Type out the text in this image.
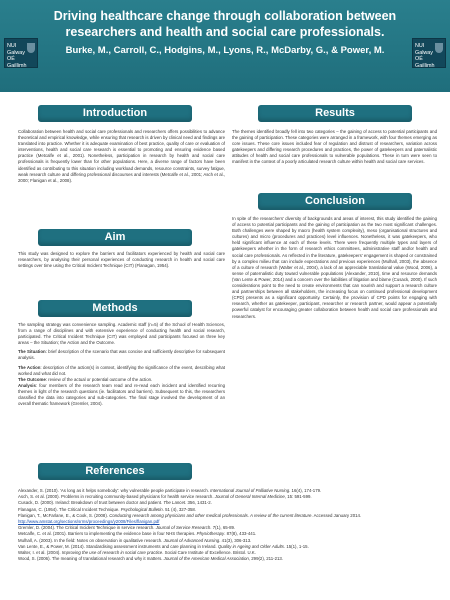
NUI Galway
OÉ Gaillimh
Driving healthcare change through collaboration between researchers and health and social care professionals.
Burke, M., Carroll, C., Hodgins, M., Lyons, R., McDarby, G., & Power, M.	NUI Galway
OÉ Gaillimh
Introduction

Collaboration between health and social care professionals and researchers offers possibilities to advance theoretical and empirical knowledge, while ensuring that research is driven by clinical need and findings are translated into practice. Whether it is adequate examination of best practice, quality of care or evaluation of interventions, health and social care research is essential to promoting and ensuring evidence based practice (Metcalfe et al., 2001). Nonetheless, participation in research by health and social care professionals is frequently lower than for other populations. Here, a diverse range of factors have been identified as contributing to this situation including workload demands, resource constraints, survey fatigue, weak research culture and differing professional discourses and interests (Metcalfe et al., 2001; Asch et al., 2000; Flanigan et al., 2008).

Aim

This study was designed to explore the barriers and facilitators experienced by health and social care researchers, by analysing their personal experiences of conducting research in health and social care settings over time using the Critical Incident Technique (CIT) (Flanagan, 1954).

Methods

The sampling strategy was convenience sampling. Academic staff (n=5) of the School of Health Sciences, from a range of disciplines and with extensive experience of conducting health and social research, participated. The Critical Incident Technique (CIT) was employed and participants focused on three key areas – the Situation; the Action and the Outcome.

The Situation: brief description of the scenario that was concise and sufficiently descriptive for subsequent analysis.

The Action: description of the action(s) in context, identifying the significance of the event, describing what worked and what did not.

The Outcome: review of the actual or potential outcome of the action.

Analysis: four members of the research team read and re-read each incident and identified recurring themes in light of the research questions (ie. facilitators and barriers). Subsequent to this, the researchers classified the data into categories and sub-categories. The final stage involved the development of an overall thematic framework (Gremler, 2004).

Results

The themes identified broadly fell into two categories – the gaining of access to potential participants and the gaining of participation. These categories were arranged in a framework, with four themes emerging as core issues. These core issues included fear of regulation and distrust of researchers, variation across gatekeepers and differing research procedures and practices, the power of gatekeepers and paternalistic attitudes of health and social care professionals to vulnerable populations. These in turn were seen to manifest in the context of a poorly articulated research culture within health and social care services.

Conclusion

In spite of the researchers' diversity of backgrounds and areas of interest, this study identified the gaining of access to potential participants and the gaining of participation as the two most significant challenges. Both challenges were shaped by macro (health system complexity), meso (organisational structures and cultures) and micro (procedures and practices) level influences. Nonetheless, it was gatekeepers, who held significant influence at each of these levels. There were frequently multiple types and layers of gatekeepers whether in the form of research ethics committees, administrative staff and/or health and social care professionals. As reflected in the literature, gatekeepers' engagement is shaped or constrained by a complex milieu that can include expectations and previous experiences (Mulhall, 2003), the absence of a culture of research (Walter et al., 2004), a lack of an appreciable translational value (Wood, 2006), a sense of paternalistic duty toward vulnerable populations (Alexander, 2010), time and resource demands (Van Lente & Power, 2014) and a concern over the liabilities of litigation and blame (Cusack, 2000). If such considerations point to the need to create environments that can nourish and support a research culture and partnerships between all stakeholders, the increasing focus on continued professional development (CPD) presents as a significant opportunity. Certainly, the provision of CPD points for engaging with research, whether as gatekeeper, participant, researcher or research partner, would appear a potentially powerful catalyst for encouraging greater collaboration between health and social care professionals and researchers.

References
Alexander, S. (2010). 'As long as it helps somebody': why vulnerable people participate in research. International Journal of Palliative Nursing. 16(4), 174-179.
Asch, S. et al. (2000). Problems in recruiting community-based physicians for health service research. Journal of General Internal Medicine, 15: 591-599.
Cusack, D. (2000). Ireland: Breakdown of trust between doctor and patient. The Lancet. 356, 1431-2.
Flanagan, C. (1954). The Critical Incident Technique. Psychological Bulletin. 51 (4), 327-358.
Flanigan, T., McFarlane, E., & Cook, S. (2008). Conducting research among physicians and other medical professionals. A review of the current literature. Accessed January 2014. http://www.amstat.org/sections/srms/proceedings/y2008/Files/flanigan.pdf
Gremler, D. (2004). The Critical Incident Technique in service research. Journal of Service Research. 7(1), 65-89.
Metcalfe, C. et al. (2001). Barriers to implementing the evidence base in four NHS therapies. Physiotherapy. 87(8), 433-441.
Mulhall, A. (2003). In the field: Notes on observation in qualitative research. Journal of Advanced Nursing. 41(3), 306-313.
Van Lente, E., & Power, M. (2014). Standardising assessment instruments and care planning in Ireland. Quality in Ageing and Older Adults. 15(1), 1-15.
Walter, I. et al. (2004). Improving the use of research in social care practice. Social Care Institute of Excellence. Bristol. U.K.
Wood, S. (2006). The meaning of translational research and why it matters. Journal of the American Medical Association, 299(2), 211-213.
